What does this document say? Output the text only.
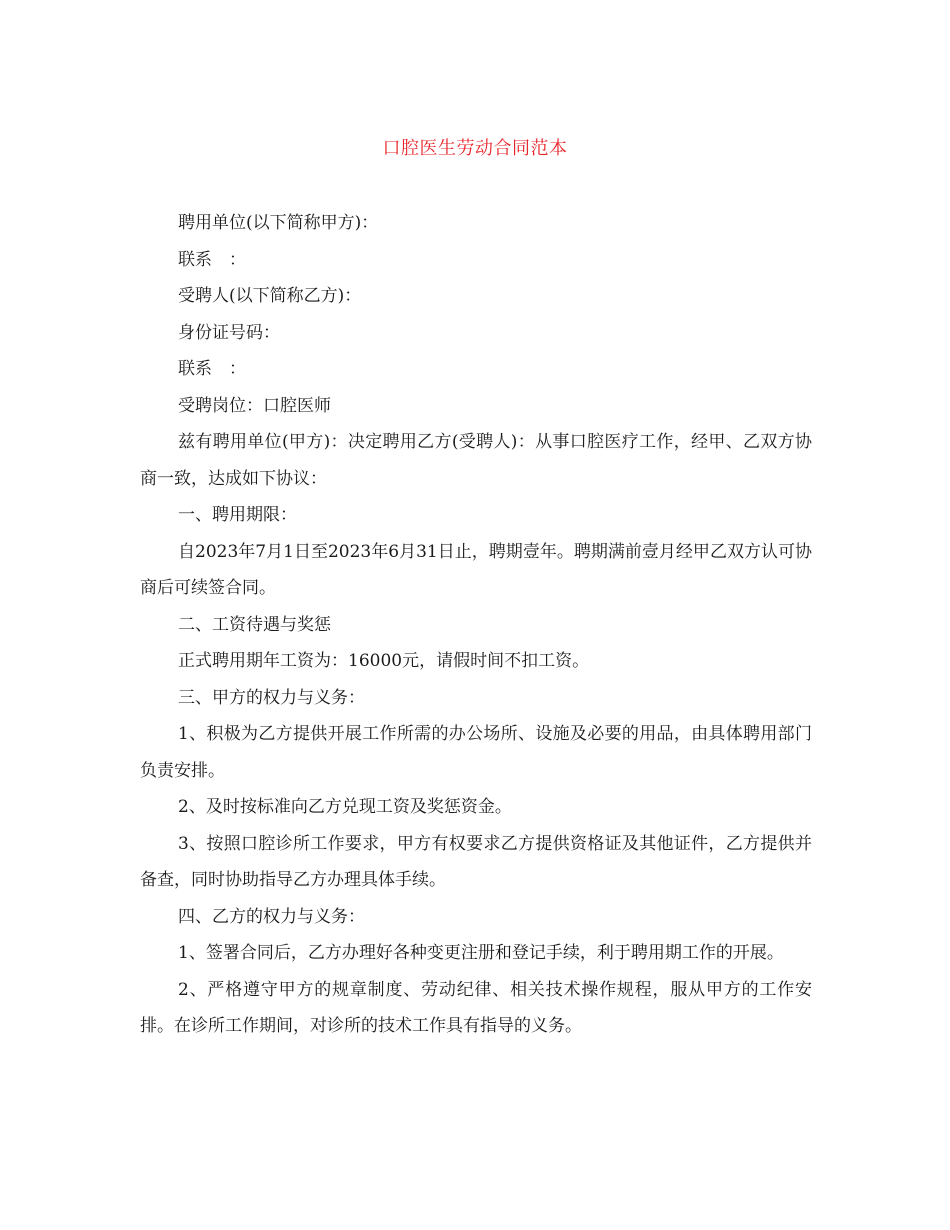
口腔医生劳动合同范本

聘用单位(以下简称甲方)：

联系　：

受聘人(以下简称乙方)：

身份证号码：

联系　：

受聘岗位：口腔医师

兹有聘用单位(甲方)：决定聘用乙方(受聘人)：从事口腔医疗工作，经甲、乙双方协商一致，达成如下协议：

一、聘用期限：

自2023年7月1日至2023年6月31日止，聘期壹年。聘期满前壹月经甲乙双方认可协商后可续签合同。

二、工资待遇与奖惩

正式聘用期年工资为：16000元，请假时间不扣工资。

三、甲方的权力与义务：

1、积极为乙方提供开展工作所需的办公场所、设施及必要的用品，由具体聘用部门负责安排。

2、及时按标准向乙方兑现工资及奖惩资金。

3、按照口腔诊所工作要求，甲方有权要求乙方提供资格证及其他证件，乙方提供并备查，同时协助指导乙方办理具体手续。

四、乙方的权力与义务：

1、签署合同后，乙方办理好各种变更注册和登记手续，利于聘用期工作的开展。

2、严格遵守甲方的规章制度、劳动纪律、相关技术操作规程，服从甲方的工作安排。在诊所工作期间，对诊所的技术工作具有指导的义务。
